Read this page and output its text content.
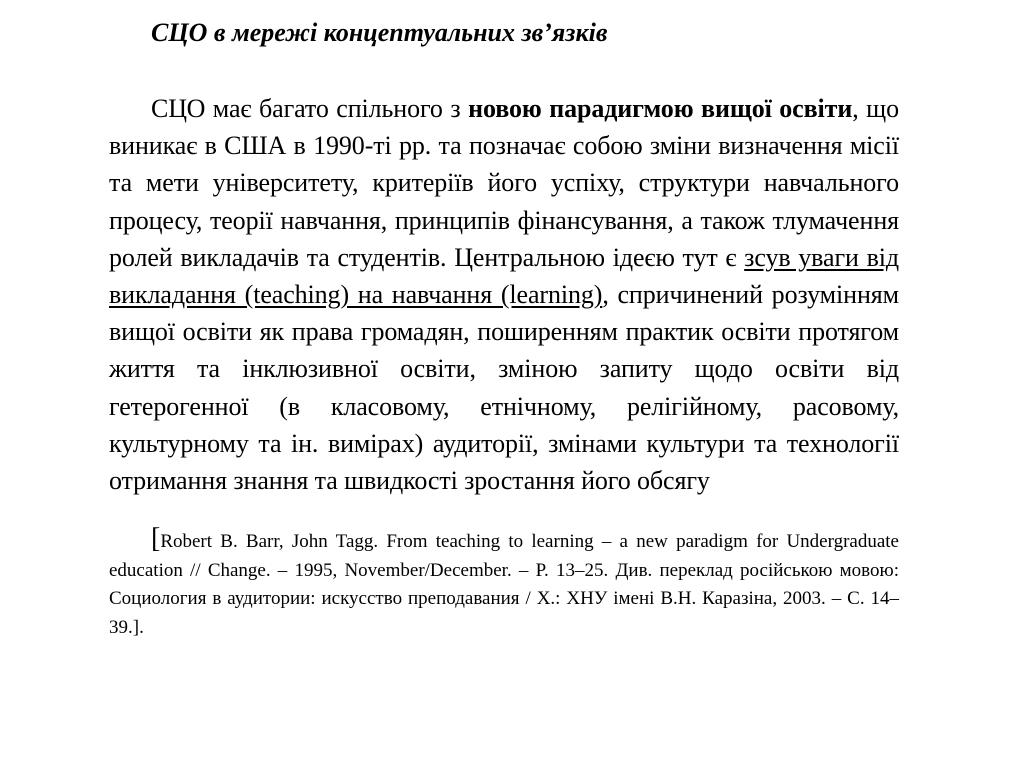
СЦО в мережі концептуальних зв’язків

СЦО має багато спільного з новою парадигмою вищої освіти, що виникає в США в 1990-ті рр. та позначає собою зміни визначення місії та мети університету, критеріїв його успіху, структури навчального процесу, теорії навчання, принципів фінансування, а також тлумачення ролей викладачів та студентів. Центральною ідеєю тут є зсув уваги від викладання (teaching) на навчання (learning), спричинений розумінням вищої освіти як права громадян, поширенням практик освіти протягом життя та інклюзивної освіти, зміною запиту щодо освіти від гетерогенної (в класовому, етнічному, релігійному, расовому, культурному та ін. вимірах) аудиторії, змінами культури та технології отримання знання та швидкості зростання його обсягу

[Robert B. Barr, John Tagg. From teaching to learning – a new paradigm for Undergraduate education // Change. – 1995, November/December. – P. 13–25. Див. переклад російською мовою: Социология в аудитории: искусство преподавания / Х.: ХНУ імені В.Н. Каразіна, 2003. – С. 14–39.].
